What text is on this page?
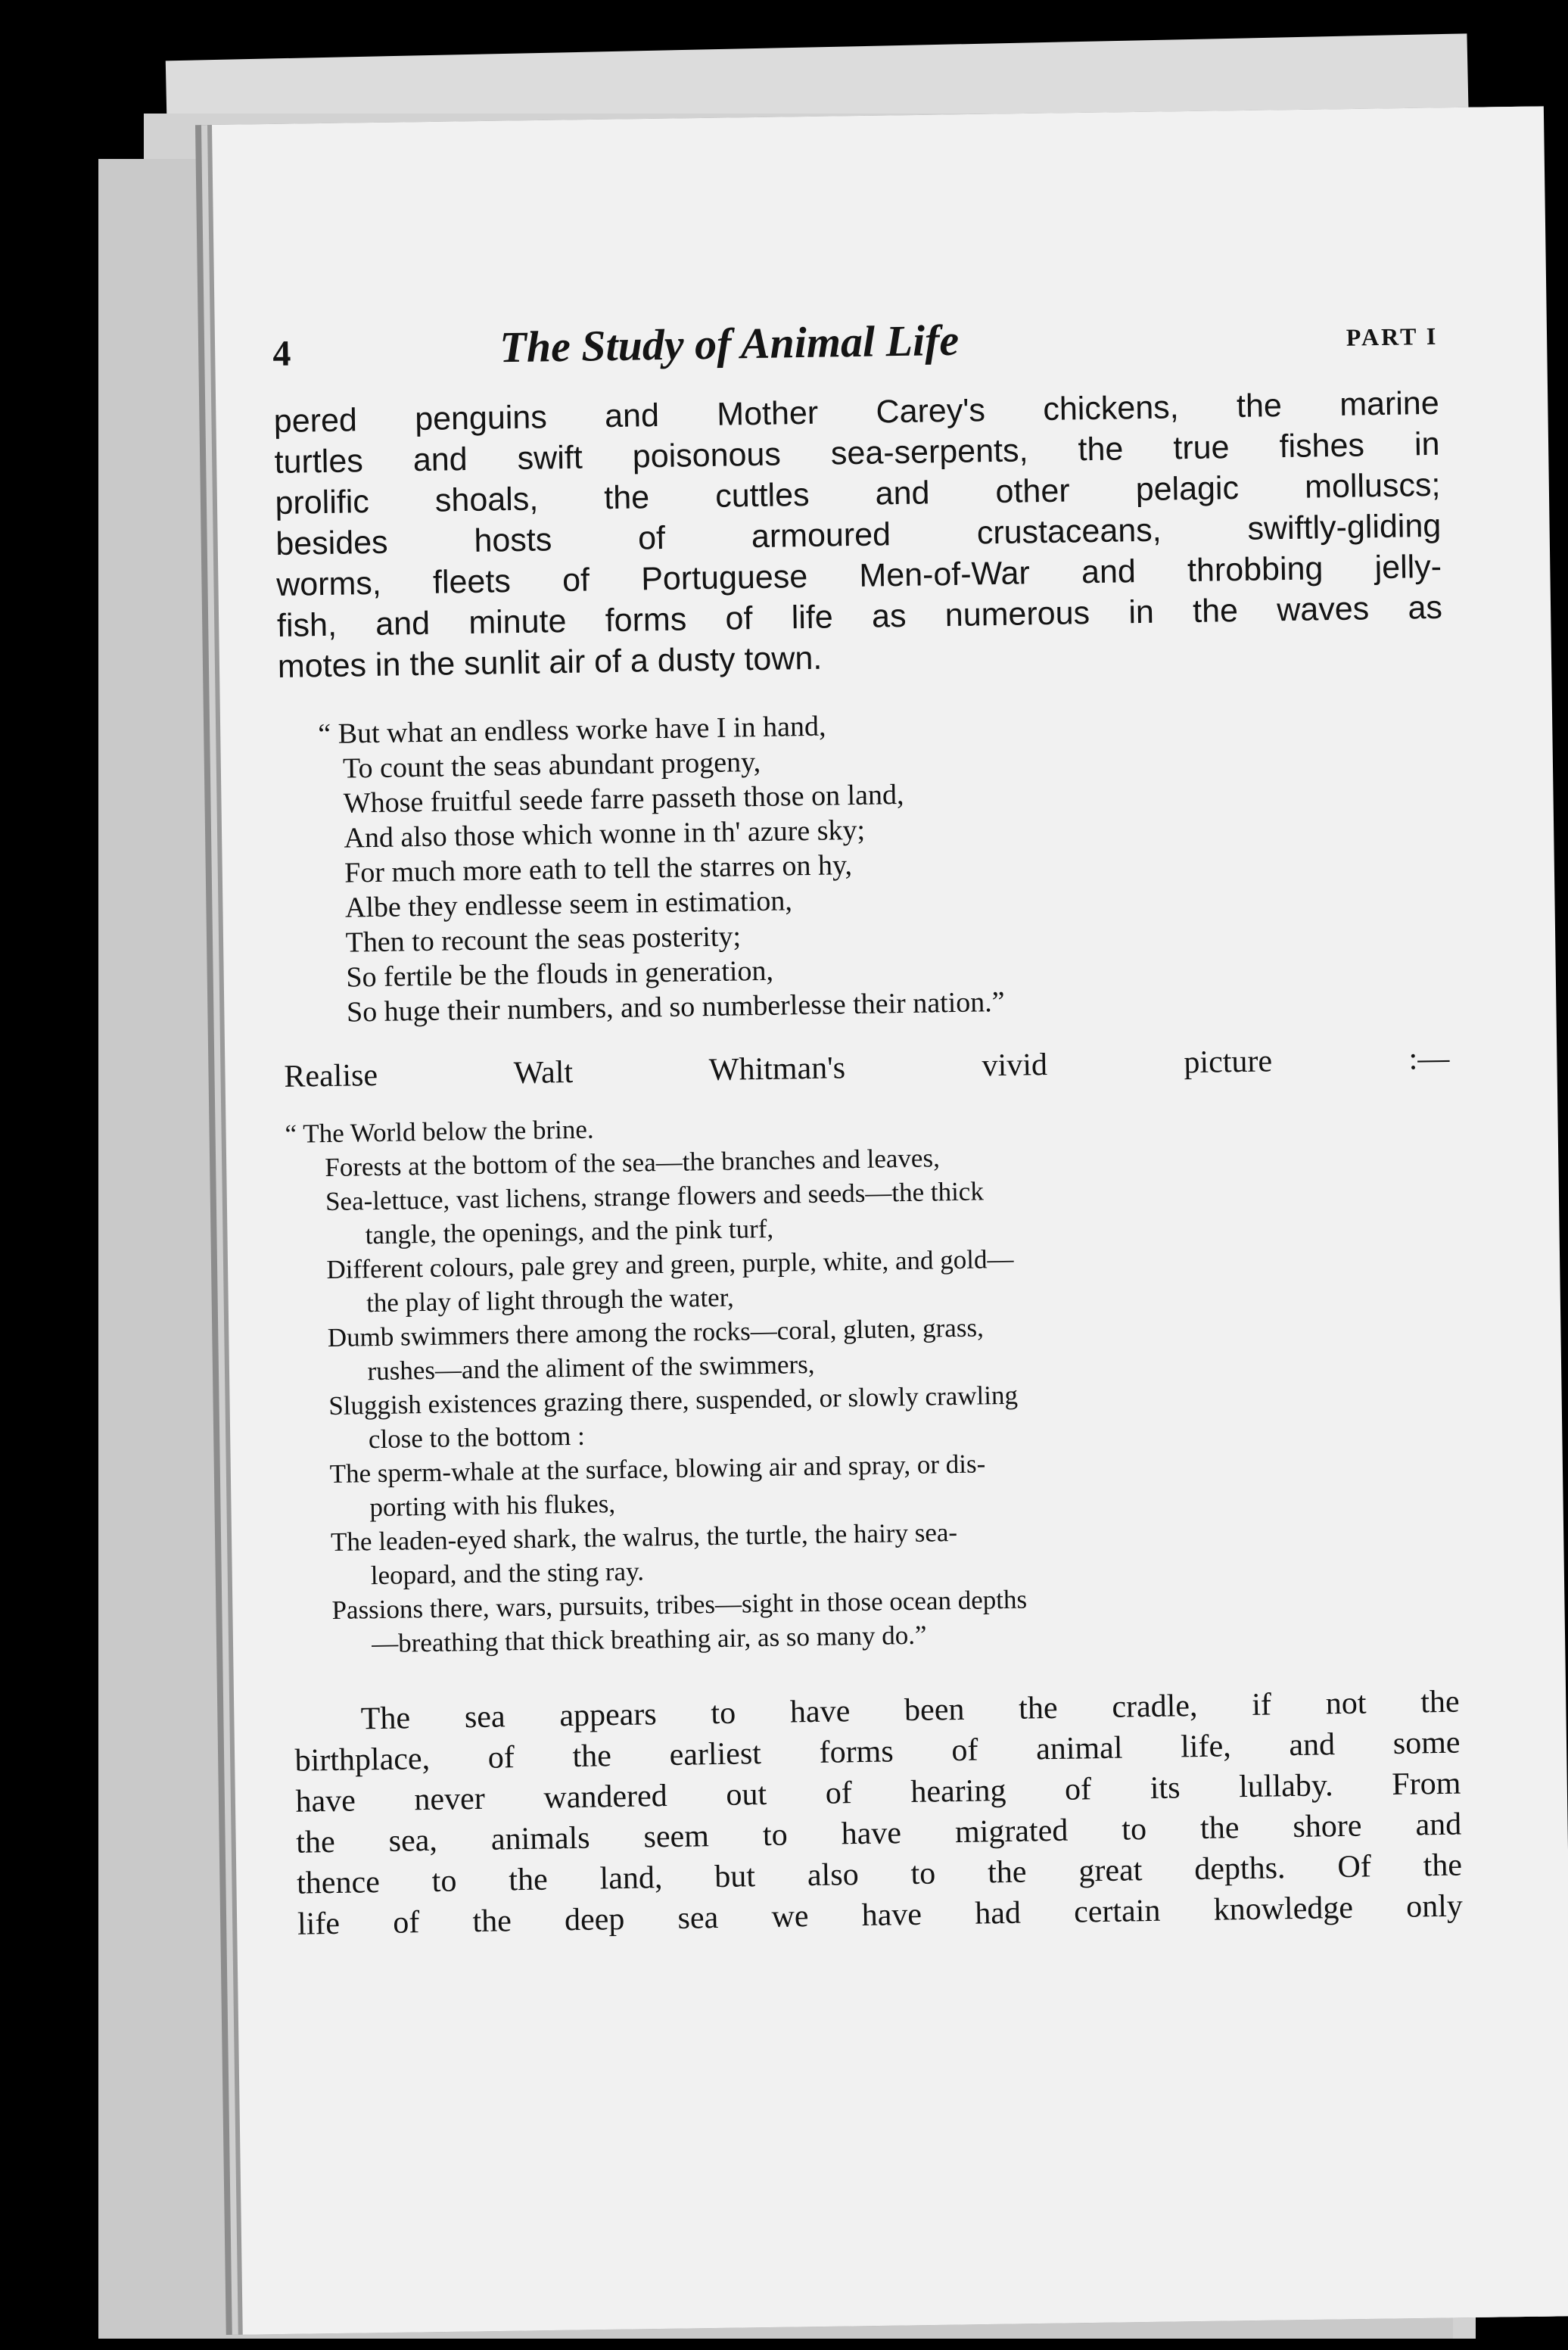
4	The Study of Animal Life	PART I

pered penguins and Mother Carey's chickens, the marine
turtles and swift poisonous sea-serpents, the true fishes in
prolific shoals, the cuttles and other pelagic molluscs;
besides hosts of armoured crustaceans, swiftly-gliding
worms, fleets of Portuguese Men-of-War and throbbing jelly-
fish, and minute forms of life as numerous in the waves as
motes in the sunlit air of a dusty town.

“ But what an endless worke have I in hand,
To count the seas abundant progeny,
Whose fruitful seede farre passeth those on land,
And also those which wonne in th' azure sky;
For much more eath to tell the starres on hy,
Albe they endlesse seem in estimation,
Then to recount the seas posterity;
So fertile be the flouds in generation,
So huge their numbers, and so numberlesse their nation.”

Realise Walt Whitman's vivid picture :—

“ The World below the brine.
Forests at the bottom of the sea—the branches and leaves,
Sea-lettuce, vast lichens, strange flowers and seeds—the thick
tangle, the openings, and the pink turf,
Different colours, pale grey and green, purple, white, and gold—
the play of light through the water,
Dumb swimmers there among the rocks—coral, gluten, grass,
rushes—and the aliment of the swimmers,
Sluggish existences grazing there, suspended, or slowly crawling
close to the bottom :
The sperm-whale at the surface, blowing air and spray, or dis-
porting with his flukes,
The leaden-eyed shark, the walrus, the turtle, the hairy sea-
leopard, and the sting ray.
Passions there, wars, pursuits, tribes—sight in those ocean depths
—breathing that thick breathing air, as so many do.”

The sea appears to have been the cradle, if not the
birthplace, of the earliest forms of animal life, and some
have never wandered out of hearing of its lullaby. From
the sea, animals seem to have migrated to the shore and
thence to the land, but also to the great depths. Of the
life of the deep sea we have had certain knowledge only
